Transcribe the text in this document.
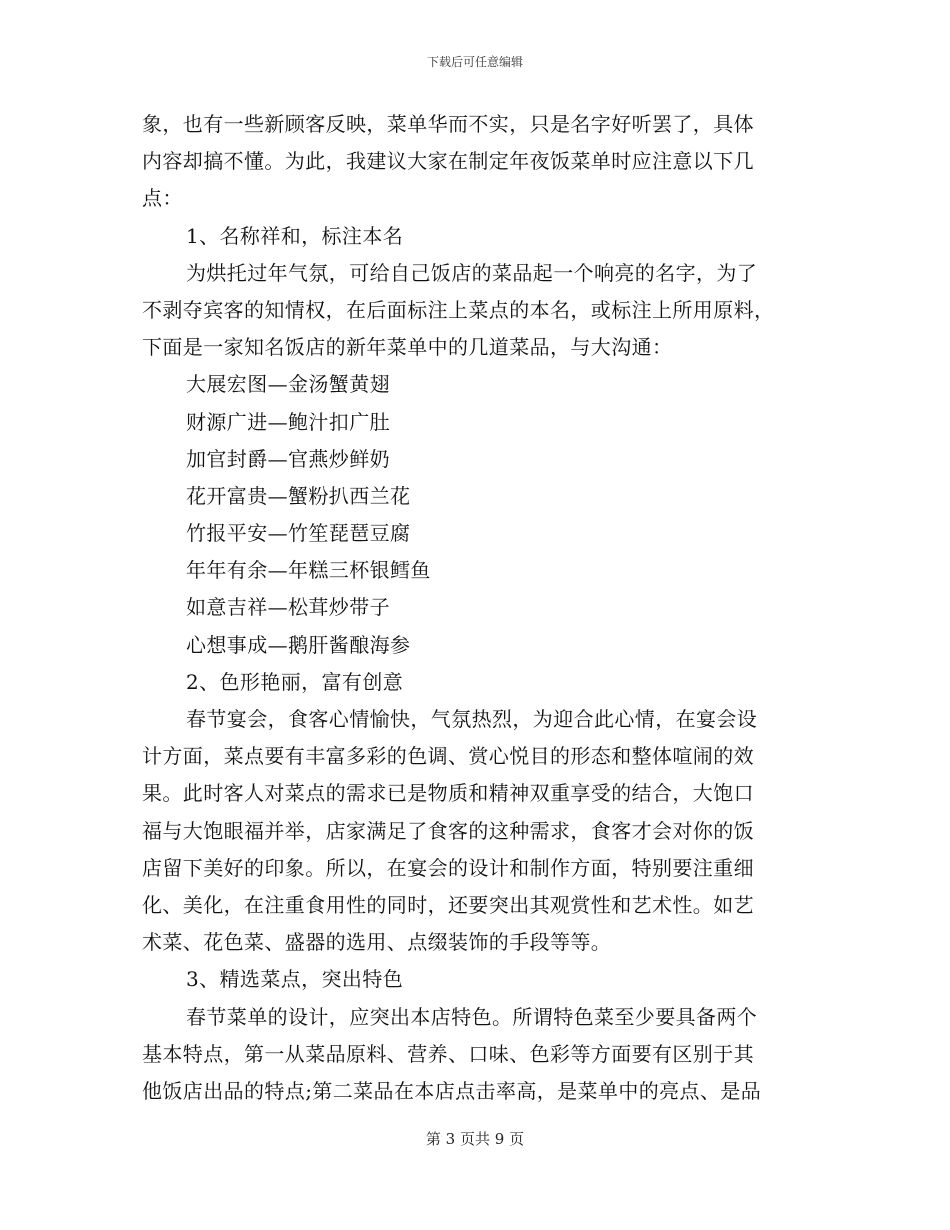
下载后可任意编辑
象，也有一些新顾客反映，菜单华而不实，只是名字好听罢了，具体
内容却搞不懂。为此，我建议大家在制定年夜饭菜单时应注意以下几
点：
1、名称祥和，标注本名
为烘托过年气氛，可给自己饭店的菜品起一个响亮的名字，为了
不剥夺宾客的知情权，在后面标注上菜点的本名，或标注上所用原料，
下面是一家知名饭店的新年菜单中的几道菜品，与大沟通：
大展宏图—金汤蟹黄翅
财源广进—鲍汁扣广肚
加官封爵—官燕炒鲜奶
花开富贵—蟹粉扒西兰花
竹报平安—竹笙琵琶豆腐
年年有余—年糕三杯银鳕鱼
如意吉祥—松茸炒带子
心想事成—鹅肝酱酿海参
2、色形艳丽，富有创意
春节宴会，食客心情愉快，气氛热烈，为迎合此心情，在宴会设
计方面，菜点要有丰富多彩的色调、赏心悦目的形态和整体喧闹的效
果。此时客人对菜点的需求已是物质和精神双重享受的结合，大饱口
福与大饱眼福并举，店家满足了食客的这种需求，食客才会对你的饭
店留下美好的印象。所以，在宴会的设计和制作方面，特别要注重细
化、美化，在注重食用性的同时，还要突出其观赏性和艺术性。如艺
术菜、花色菜、盛器的选用、点缀装饰的手段等等。
3、精选菜点，突出特色
春节菜单的设计，应突出本店特色。所谓特色菜至少要具备两个
基本特点，第一从菜品原料、营养、口味、色彩等方面要有区别于其
他饭店出品的特点;第二菜品在本店点击率高，是菜单中的亮点、是品
第 3 页共 9 页
